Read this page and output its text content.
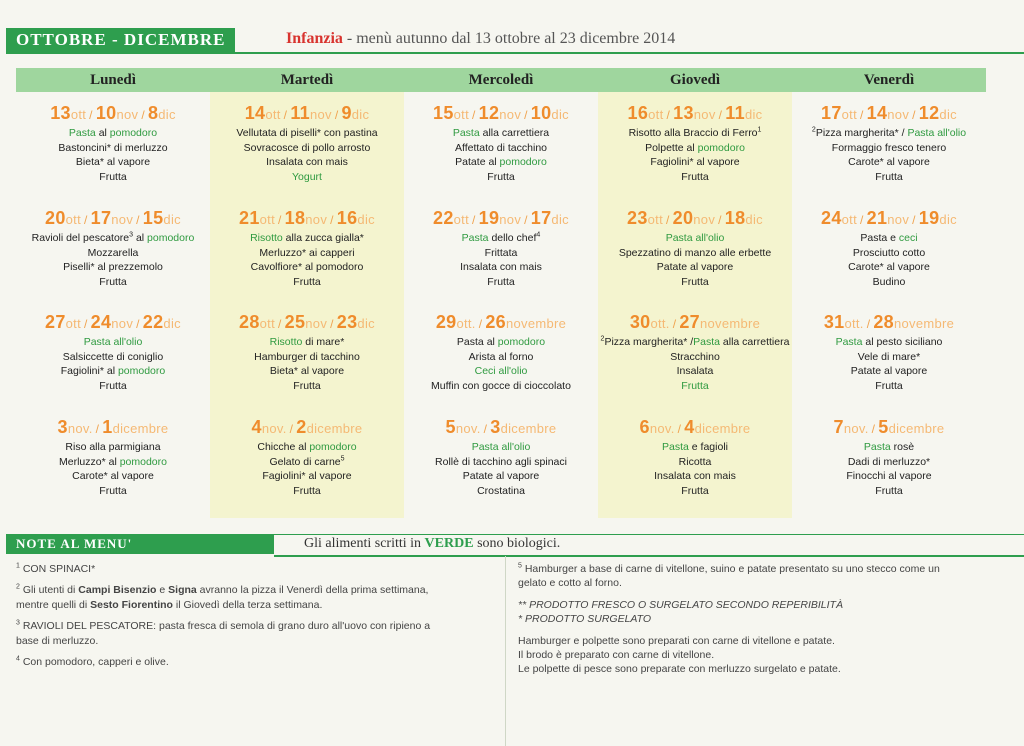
OTTOBRE - DICEMBRE	Infanzia - menù autunno dal 13 ottobre al 23 dicembre 2014
Lunedì
13ott / 10nov / 8dic
Pasta al pomodoro
Bastoncini* di merluzzo
Bieta* al vapore
Frutta
20ott / 17nov / 15dic
Ravioli del pescatore$^3$ al pomodoro
Mozzarella
Piselli* al prezzemolo
Frutta
27ott / 24nov / 22dic
Pasta all'olio
Salsiccette di coniglio
Fagiolini* al pomodoro
Frutta
3nov. / 1dicembre
Riso alla parmigiana
Merluzzo* al pomodoro
Carote* al vapore
Frutta
Martedì
14ott / 11nov / 9dic
Vellutata di piselli* con pastina
Sovracosce di pollo arrosto
Insalata con mais
Yogurt
21ott / 18nov / 16dic
Risotto alla zucca gialla*
Merluzzo* ai capperi
Cavolfiore* al pomodoro
Frutta
28ott / 25nov / 23dic
Risotto di mare*
Hamburger di tacchino
Bieta* al vapore
Frutta
4nov. / 2dicembre
Chicche al pomodoro
Gelato di carne$^5$
Fagiolini* al vapore
Frutta
Mercoledì
15ott / 12nov / 10dic
Pasta alla carrettiera
Affettato di tacchino
Patate al pomodoro
Frutta
22ott / 19nov / 17dic
Pasta dello chef$^4$
Frittata
Insalata con mais
Frutta
29ott. / 26novembre
Pasta al pomodoro
Arista al forno
Ceci all'olio
Muffin con gocce di cioccolato
5nov. / 3dicembre
Pasta all'olio
Rollè di tacchino agli spinaci
Patate al vapore
Crostatina
Giovedì
16ott / 13nov / 11dic
Risotto alla Braccio di Ferro$^1$
Polpette al pomodoro
Fagiolini* al vapore
Frutta
23ott / 20nov / 18dic
Pasta all'olio
Spezzatino di manzo alle erbette
Patate al vapore
Frutta
30ott. / 27novembre
$^2$Pizza margherita* /Pasta alla carrettiera
Stracchino
Insalata
Frutta
6nov. / 4dicembre
Pasta e fagioli
Ricotta
Insalata con mais
Frutta
Venerdì
17ott / 14nov / 12dic
$^2$Pizza margherita* / Pasta all'olio
Formaggio fresco tenero
Carote* al vapore
Frutta
24ott / 21nov / 19dic
Pasta e ceci
Prosciutto cotto
Carote* al vapore
Budino
31ott. / 28novembre
Pasta al pesto siciliano
Vele di mare*
Patate al vapore
Frutta
7nov. / 5dicembre
Pasta rosè
Dadi di merluzzo*
Finocchi al vapore
Frutta
NOTE AL MENU'	Gli alimenti scritti in VERDE sono biologici.

$^1$ CON SPINACI*

$^2$ Gli utenti di Campi Bisenzio e Signa avranno la pizza il Venerdì della prima settimana,
mentre quelli di Sesto Fiorentino il Giovedì della terza settimana.

$^3$ RAVIOLI DEL PESCATORE: pasta fresca di semola di grano duro all'uovo con ripieno a
base di merluzzo.

$^4$ Con pomodoro, capperi e olive.

$^5$ Hamburger a base di carne di vitellone, suino e patate presentato su uno stecco come un
gelato e cotto al forno.

** PRODOTTO FRESCO O SURGELATO SECONDO REPERIBILITÀ
* PRODOTTO SURGELATO

Hamburger e polpette sono preparati con carne di vitellone e patate.
Il brodo è preparato con carne di vitellone.
Le polpette di pesce sono preparate con merluzzo surgelato e patate.
